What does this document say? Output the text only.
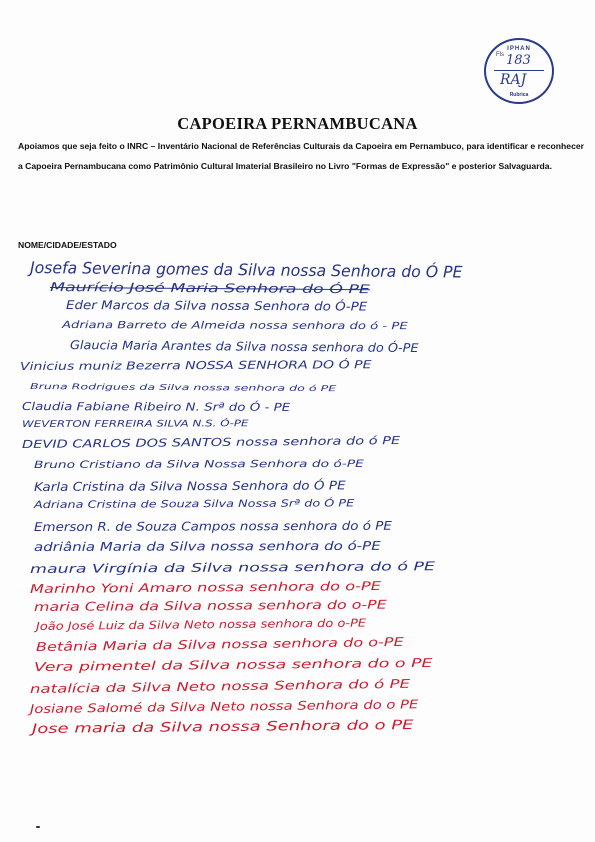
IPHAN
Fls 183
RAJ
Rubrica
CAPOEIRA PERNAMBUCANA
Apoiamos que seja feito o INRC – Inventário Nacional de Referências Culturais da Capoeira em Pernambuco, para identificar e reconhecer a Capoeira Pernambucana como Patrimônio Cultural Imaterial Brasileiro no Livro "Formas de Expressão" e posterior Salvaguarda.
NOME/CIDADE/ESTADO
Josefa Severina gomes da Silva nossa Senhora do Ó PE
Maurício José Maria Senhora do Ó PE
Eder Marcos da Silva nossa Senhora do Ó-PE
Adriana Barreto de Almeida nossa senhora do ó - PE
Glaucia Maria Arantes da Silva nossa senhora do Ó-PE
Vinicius muniz Bezerra NOSSA SENHORA DO Ó PE
Bruna Rodrigues da Silva nossa senhora do ó PE
Claudia Fabiane Ribeiro N. Srª do Ó - PE
WEVERTON FERREIRA SILVA N.S. Ó-PE
DEVID CARLOS DOS SANTOS nossa senhora do ó PE
Bruno Cristiano da Silva Nossa Senhora do ó-PE
Karla Cristina da Silva Nossa Senhora do Ó PE
Adriana Cristina de Souza Silva Nossa Srª do Ó PE
Emerson R. de Souza Campos nossa senhora do ó PE
adriânia Maria da Silva nossa senhora do ó-PE
maura Virgínia da Silva nossa senhora do ó PE
Marinho Yoni Amaro nossa senhora do o-PE
maria Celina da Silva nossa senhora do o-PE
João José Luiz da Silva Neto nossa senhora do o-PE
Betânia Maria da Silva nossa senhora do o-PE
Vera pimentel da Silva nossa senhora do o PE
natalícia da Silva Neto nossa Senhora do ó PE
Josiane Salomé da Silva Neto nossa Senhora do o PE
Jose maria da Silva nossa Senhora do o PE
